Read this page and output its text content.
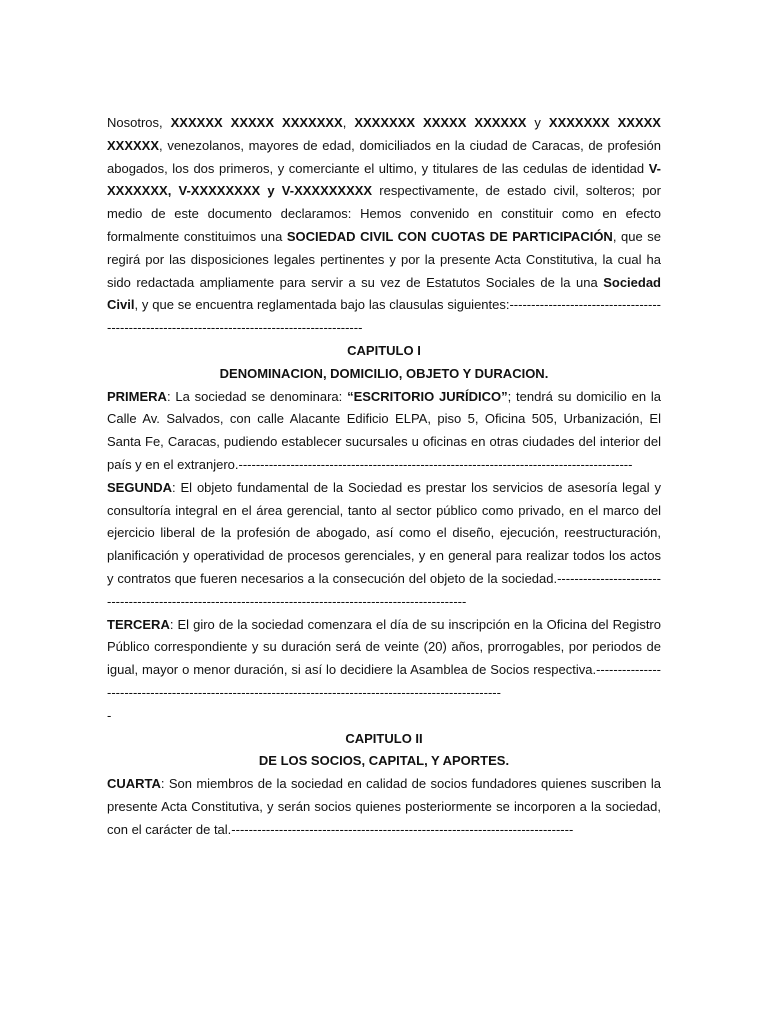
Nosotros, XXXXXX XXXXX XXXXXXX, XXXXXXX XXXXX XXXXXX y XXXXXXX XXXXX XXXXXX, venezolanos, mayores de edad, domiciliados en la ciudad de Caracas, de profesión abogados, los dos primeros, y comerciante el ultimo, y titulares de las cedulas de identidad V-XXXXXXX, V-XXXXXXXX y V-XXXXXXXXX respectivamente, de estado civil, solteros; por medio de este documento declaramos: Hemos convenido en constituir como en efecto formalmente constituimos una SOCIEDAD CIVIL CON CUOTAS DE PARTICIPACIÓN, que se regirá por las disposiciones legales pertinentes y por la presente Acta Constitutiva, la cual ha sido redactada ampliamente para servir a su vez de Estatutos Sociales de la una Sociedad Civil, y que se encuentra reglamentada bajo las clausulas siguientes:----------------------------------------------------------------------------------------------

CAPITULO I

DENOMINACION, DOMICILIO, OBJETO Y DURACION.

PRIMERA: La sociedad se denominara: “ESCRITORIO JURÍDICO”; tendrá su domicilio en la Calle Av. Salvados, con calle Alacante Edificio ELPA, piso 5, Oficina 505, Urbanización, El Santa Fe, Caracas, pudiendo establecer sucursales u oficinas en otras ciudades del interior del país y en el extranjero.-------------------------------------------------------------------------------------------

SEGUNDA: El objeto fundamental de la Sociedad es prestar los servicios de asesoría legal y consultoría integral en el área gerencial, tanto al sector público como privado, en el marco del ejercicio liberal de la profesión de abogado, así como el diseño, ejecución, reestructuración, planificación y operatividad de procesos gerenciales, y en general para realizar todos los actos y contratos que fueren necesarios a la consecución del objeto de la sociedad.-----------------------------------------------------------------------------------------------------------

TERCERA: El giro de la sociedad comenzara el día de su inscripción en la Oficina del Registro Público correspondiente y su duración será de veinte (20) años, prorrogables, por periodos de igual, mayor o menor duración, si así lo decidiere la Asamblea de Socios respectiva.----------------------------------------------------------------------------------------------------------

-

CAPITULO II

DE LOS SOCIOS, CAPITAL, Y APORTES.

CUARTA: Son miembros de la sociedad en calidad de socios fundadores quienes suscriben la presente Acta Constitutiva, y serán socios quienes posteriormente se incorporen a la sociedad, con el carácter de tal.-------------------------------------------------------------------------------
